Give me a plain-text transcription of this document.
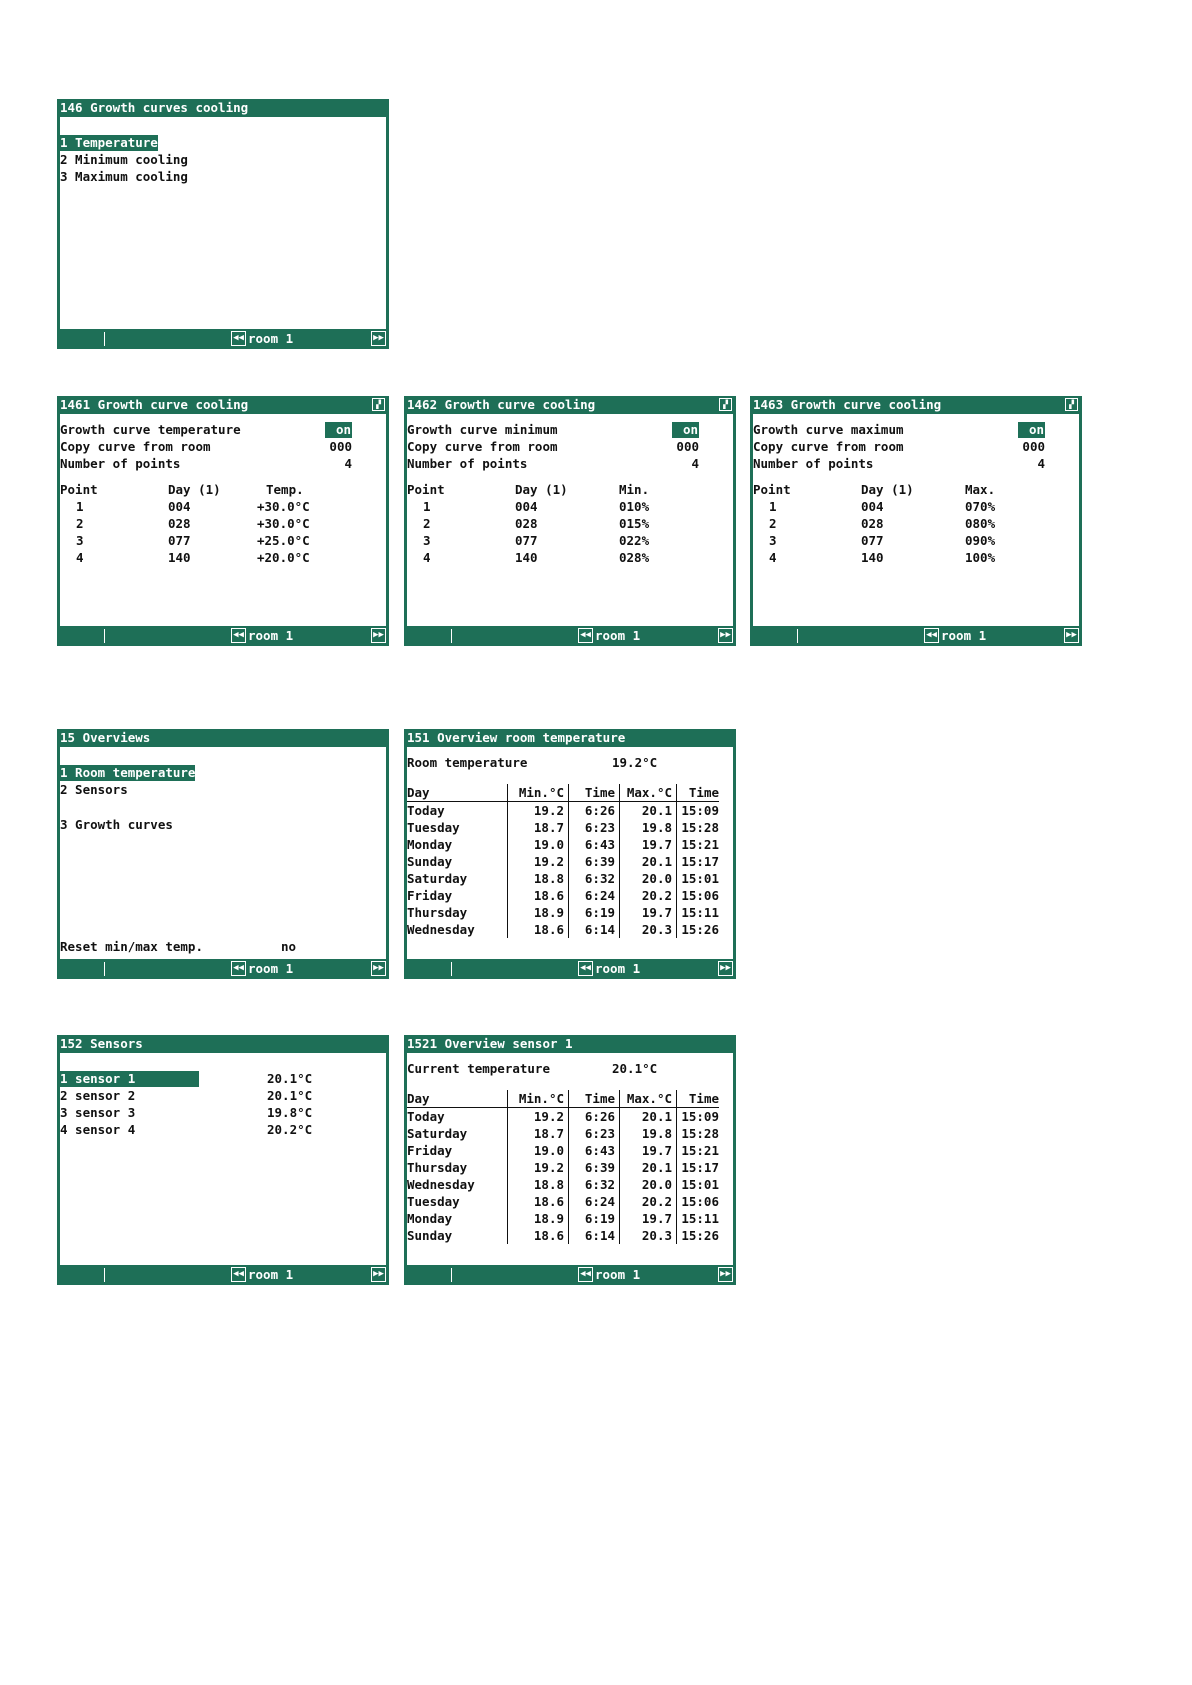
146 Growth curves cooling
1 Temperature
2 Minimum cooling
3 Maximum cooling
◀◀ room 1	▶▶
1461 Growth curve cooling	▞
Growth curve temperature	on
Copy curve from room	000
Number of points	4
Point	Day (1)	Temp.
1	004	+30.0°C
2	028	+30.0°C
3	077	+25.0°C
4	140	+20.0°C
◀◀ room 1	▶▶
1462 Growth curve cooling	▞
Growth curve minimum	on
Copy curve from room	000
Number of points	4
Point	Day (1)	Min.
1	004	010%
2	028	015%
3	077	022%
4	140	028%
◀◀ room 1	▶▶
1463 Growth curve cooling	▞
Growth curve maximum	on
Copy curve from room	000
Number of points	4
Point	Day (1)	Max.
1	004	070%
2	028	080%
3	077	090%
4	140	100%
◀◀ room 1	▶▶
15 Overviews
1 Room temperature
2 Sensors
3 Growth curves
Reset min/max temp.	no
◀◀ room 1	▶▶
151 Overview room temperature
Room temperature	19.2°C
Day	Min.°C	Time	Max.°C	Time
Today	19.2	6:26	20.1	15:09
Tuesday	18.7	6:23	19.8	15:28
Monday	19.0	6:43	19.7	15:21
Sunday	19.2	6:39	20.1	15:17
Saturday	18.8	6:32	20.0	15:01
Friday	18.6	6:24	20.2	15:06
Thursday	18.9	6:19	19.7	15:11
Wednesday	18.6	6:14	20.3	15:26
◀◀ room 1	▶▶
152 Sensors
1 sensor 1	20.1°C
2 sensor 2	20.1°C
3 sensor 3	19.8°C
4 sensor 4	20.2°C
◀◀ room 1	▶▶
1521 Overview sensor 1
Current temperature	20.1°C
Day	Min.°C	Time	Max.°C	Time
Today	19.2	6:26	20.1	15:09
Saturday	18.7	6:23	19.8	15:28
Friday	19.0	6:43	19.7	15:21
Thursday	19.2	6:39	20.1	15:17
Wednesday	18.8	6:32	20.0	15:01
Tuesday	18.6	6:24	20.2	15:06
Monday	18.9	6:19	19.7	15:11
Sunday	18.6	6:14	20.3	15:26
◀◀ room 1	▶▶
